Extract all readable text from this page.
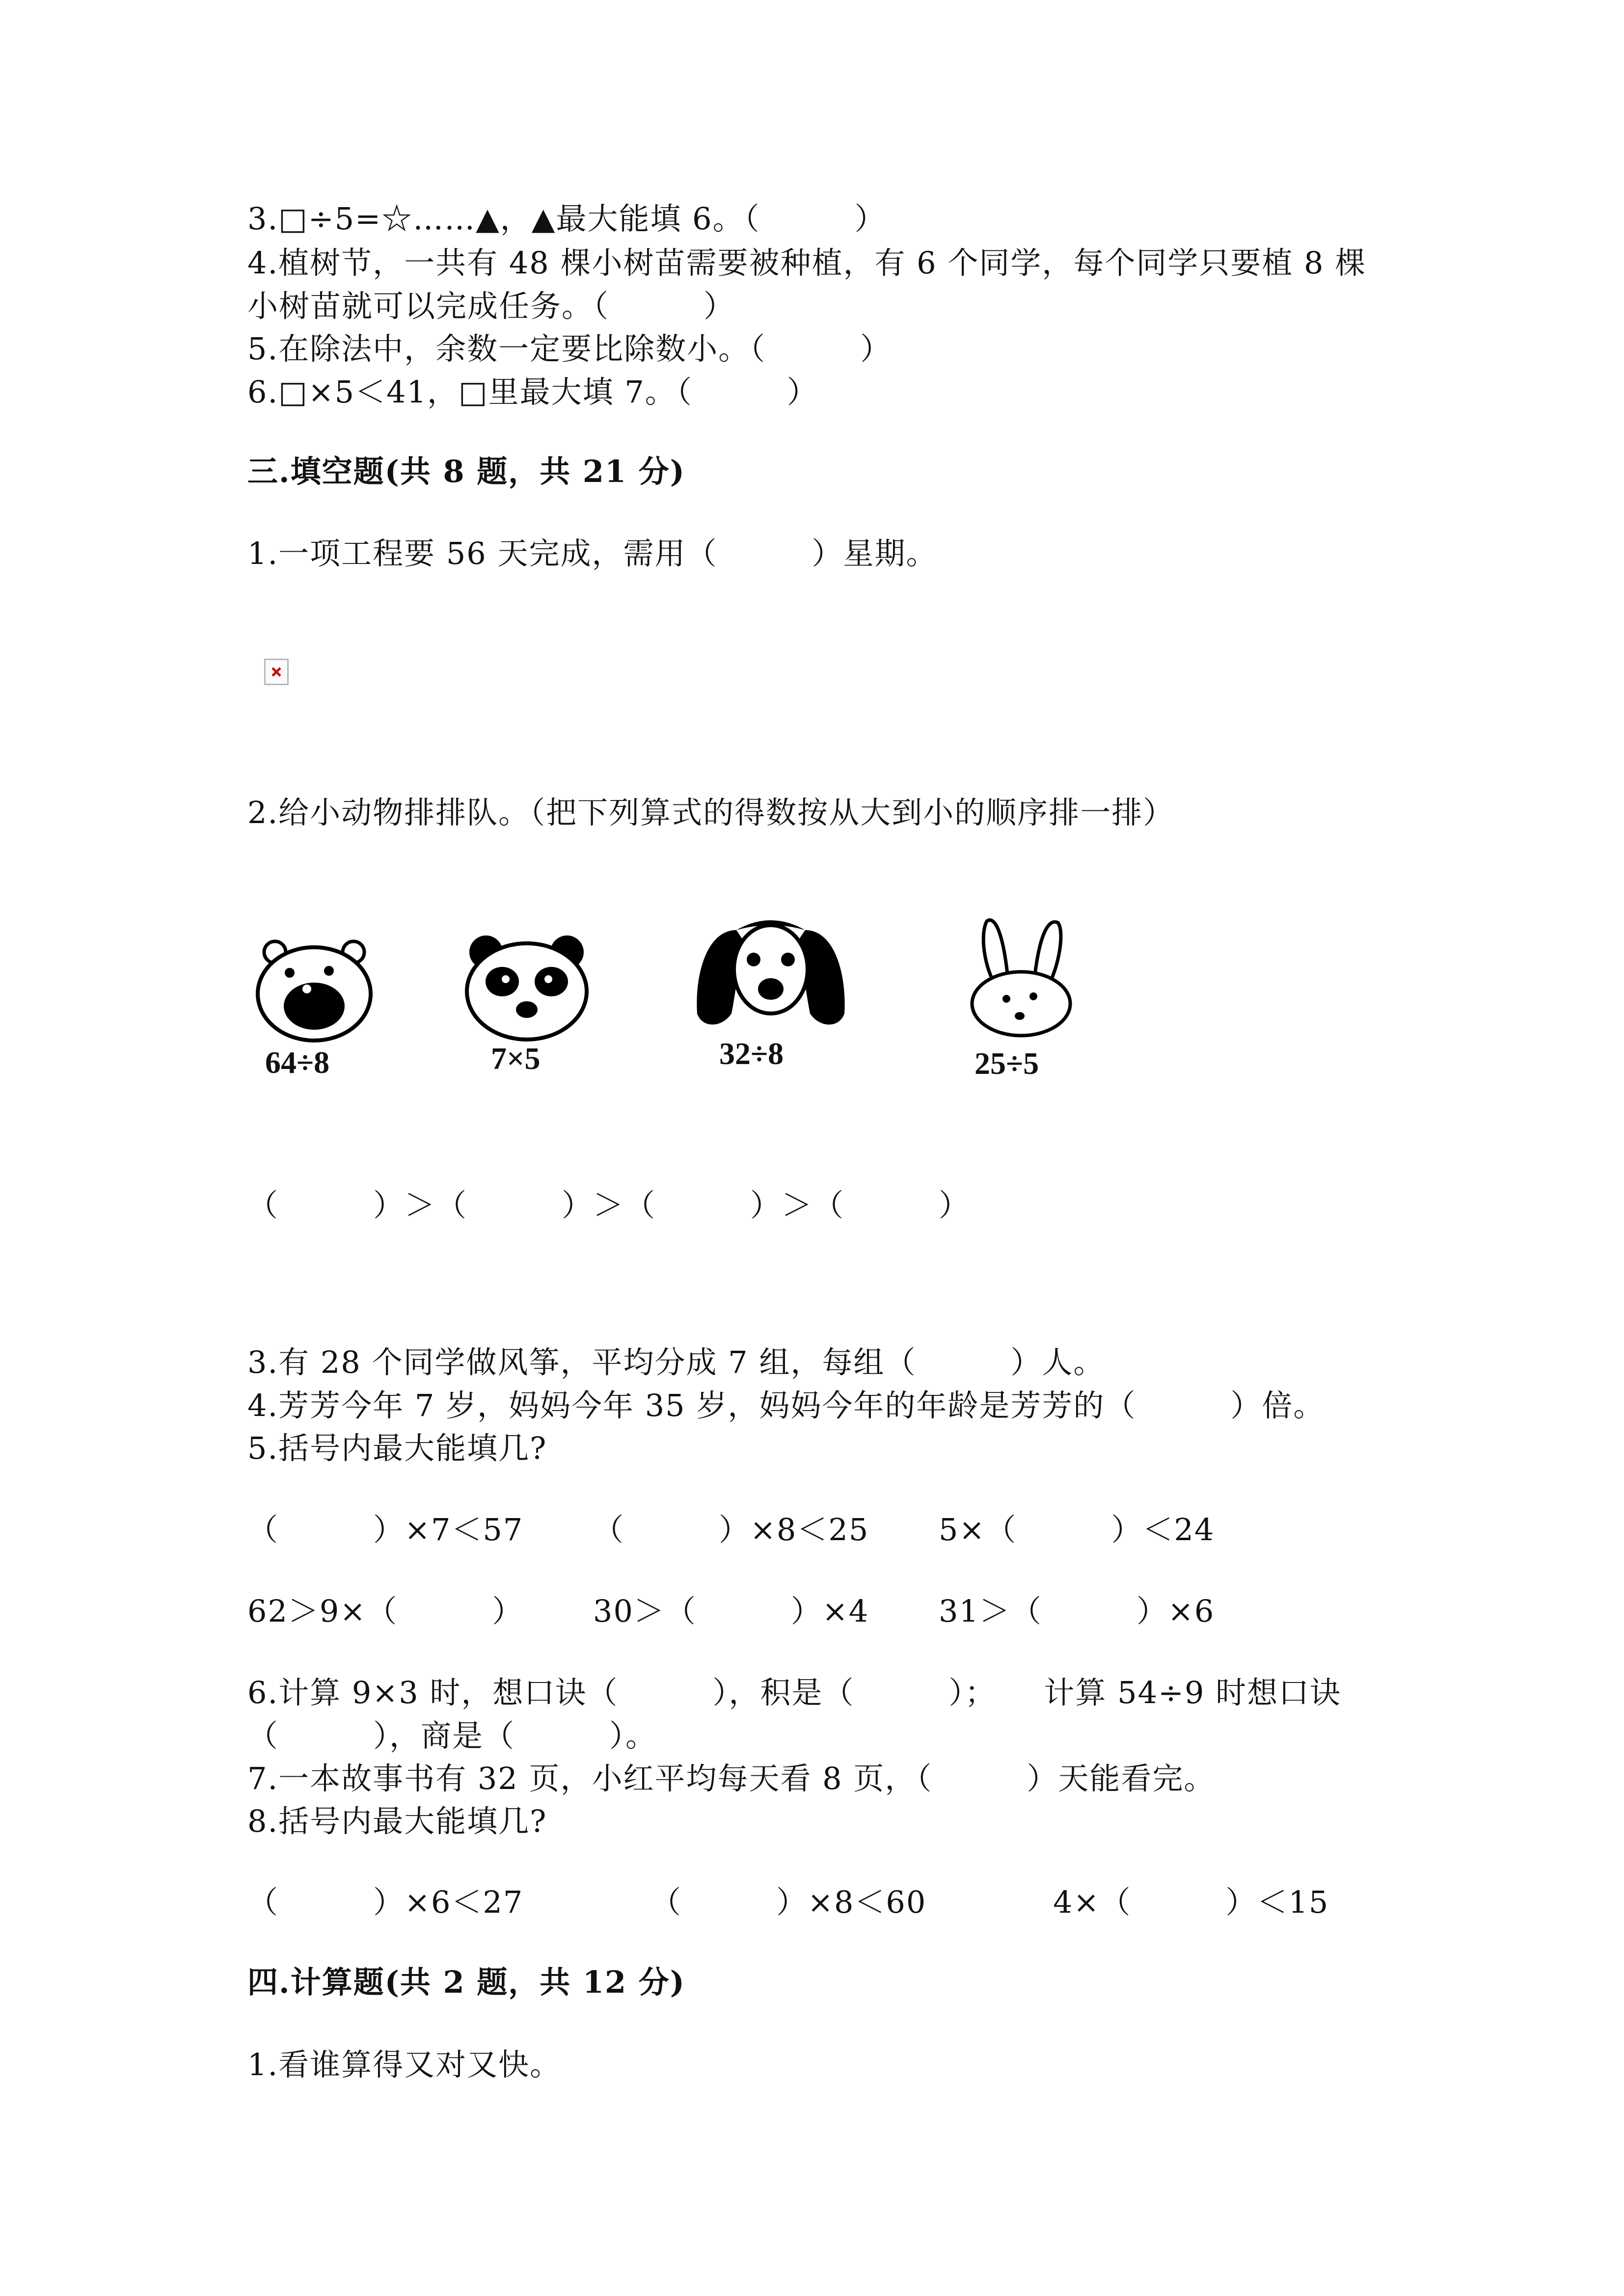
3.□÷5=☆……▲，▲最大能填 6。（　　　）
4.植树节，一共有 48 棵小树苗需要被种植，有 6 个同学，每个同学只要植 8 棵
小树苗就可以完成任务。（　　　）
5.在除法中，余数一定要比除数小。（　　　）
6.□×5＜41，□里最大填 7。（　　　）
三.填空题(共 8 题，共 21 分)
1.一项工程要 56 天完成，需用（　　　）星期。
2.给小动物排排队。（把下列算式的得数按从大到小的顺序排一排）
64÷8	7×5	32÷8	25÷5
（　　　）＞（　　　）＞（　　　）＞（　　　）
3.有 28 个同学做风筝，平均分成 7 组，每组（　　　）人。
4.芳芳今年 7 岁，妈妈今年 35 岁，妈妈今年的年龄是芳芳的（　　　）倍。
5.括号内最大能填几?
（　　　）×7＜57 （　　　）×8＜25 5×（　　　）＜24
62＞9×（　　　） 30＞（　　　）×4 31＞（　　　）×6
6.计算 9×3 时，想口诀（　　　），积是（　　　）；　　计算 54÷9 时想口诀
（　　　），商是（　　　）。
7.一本故事书有 32 页，小红平均每天看 8 页，（　　　）天能看完。
8.括号内最大能填几?
（　　　）×6＜27	（　　　）×8＜60	4×（　　　）＜15
四.计算题(共 2 题，共 12 分)
1.看谁算得又对又快。
